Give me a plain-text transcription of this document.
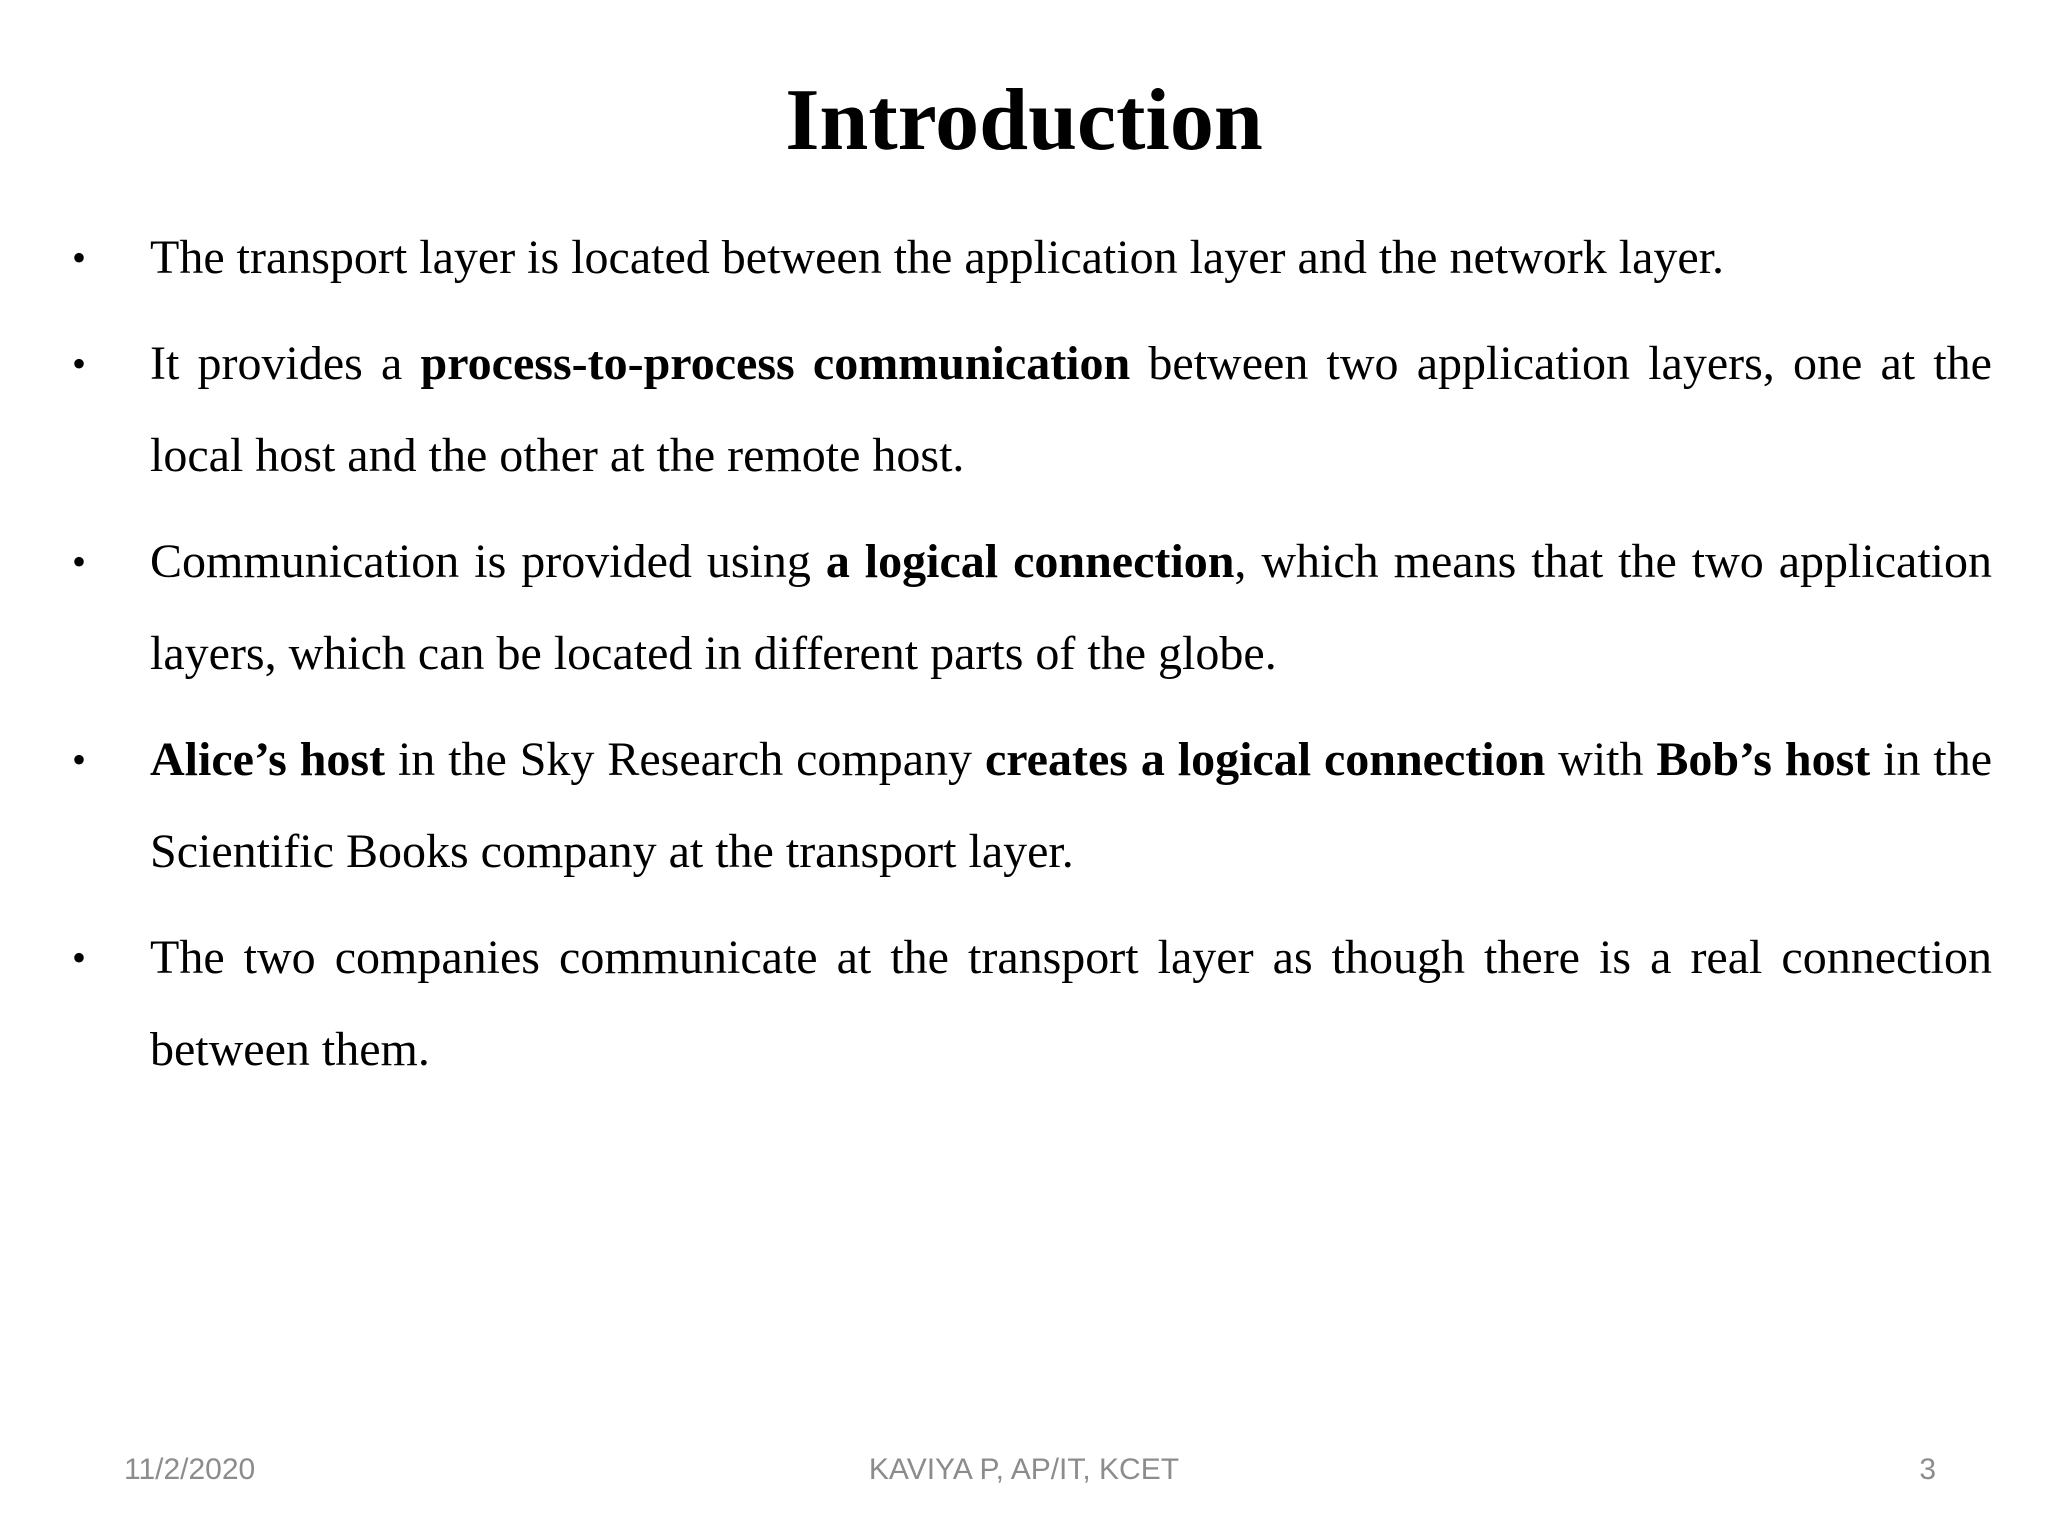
Introduction
•	The transport layer is located between the application layer and the network layer.
•	It provides a process-to-process communication between two application layers, one at the local host and the other at the remote host.
•	Communication is provided using a logical connection, which means that the two application layers, which can be located in different parts of the globe.
•	Alice’s host in the Sky Research company creates a logical connection with Bob’s host in the Scientific Books company at the transport layer.
•	The two companies communicate at the transport layer as though there is a real connection between them.
11/2/2020	KAVIYA P, AP/IT, KCET	3
